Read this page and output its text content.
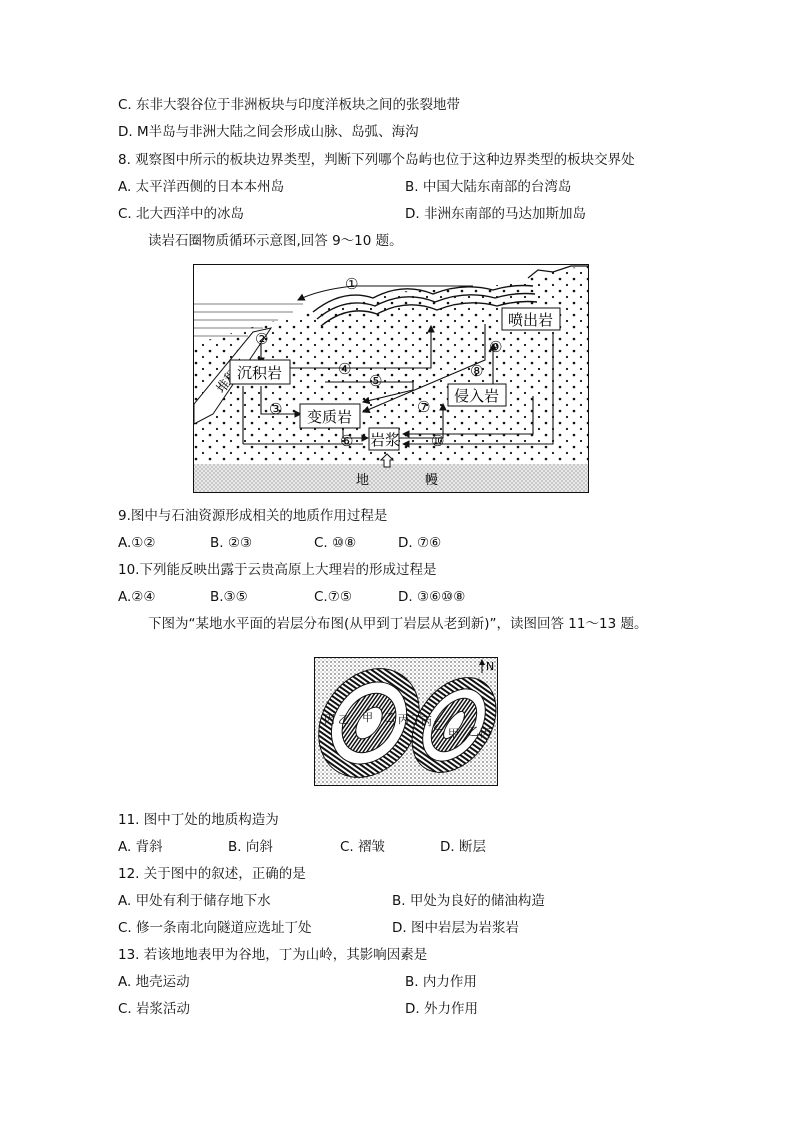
C. 东非大裂谷位于非洲板块与印度洋板块之间的张裂地带
D. M半岛与非洲大陆之间会形成山脉、岛弧、海沟
8. 观察图中所示的板块边界类型，判断下列哪个岛屿也位于这种边界类型的板块交界处
A. 太平洋西侧的日本本州岛	B. 中国大陆东南部的台湾岛
C. 北大西洋中的冰岛	D. 非洲东南部的马达加斯加岛
读岩石圈物质循环示意图,回答 9～10 题。
地	幔
沉积岩
变质岩
岩浆
侵入岩
喷出岩
①
②
③
④
⑤
⑥
⑦
⑧
⑨
⑩
9.图中与石油资源形成相关的地质作用过程是
A.①②	B. ②③	C. ⑩⑧	D. ⑦⑥
10.下列能反映出露于云贵高原上大理岩的形成过程是
A.②④	B.③⑤	C.⑦⑤	D. ③⑥⑩⑧
下图为“某地水平面的岩层分布图(从甲到丁岩层从老到新)”，读图回答 11～13 题。
N
丙 乙 甲 乙 丙 丁 丙 乙
甲 乙 丙
11. 图中丁处的地质构造为
A. 背斜	B. 向斜	C. 褶皱	D. 断层
12. 关于图中的叙述，正确的是
A. 甲处有利于储存地下水	B. 甲处为良好的储油构造
C. 修一条南北向隧道应选址丁处	D. 图中岩层为岩浆岩
13. 若该地地表甲为谷地，丁为山岭，其影响因素是
A. 地壳运动	B. 内力作用
C. 岩浆活动	D. 外力作用
